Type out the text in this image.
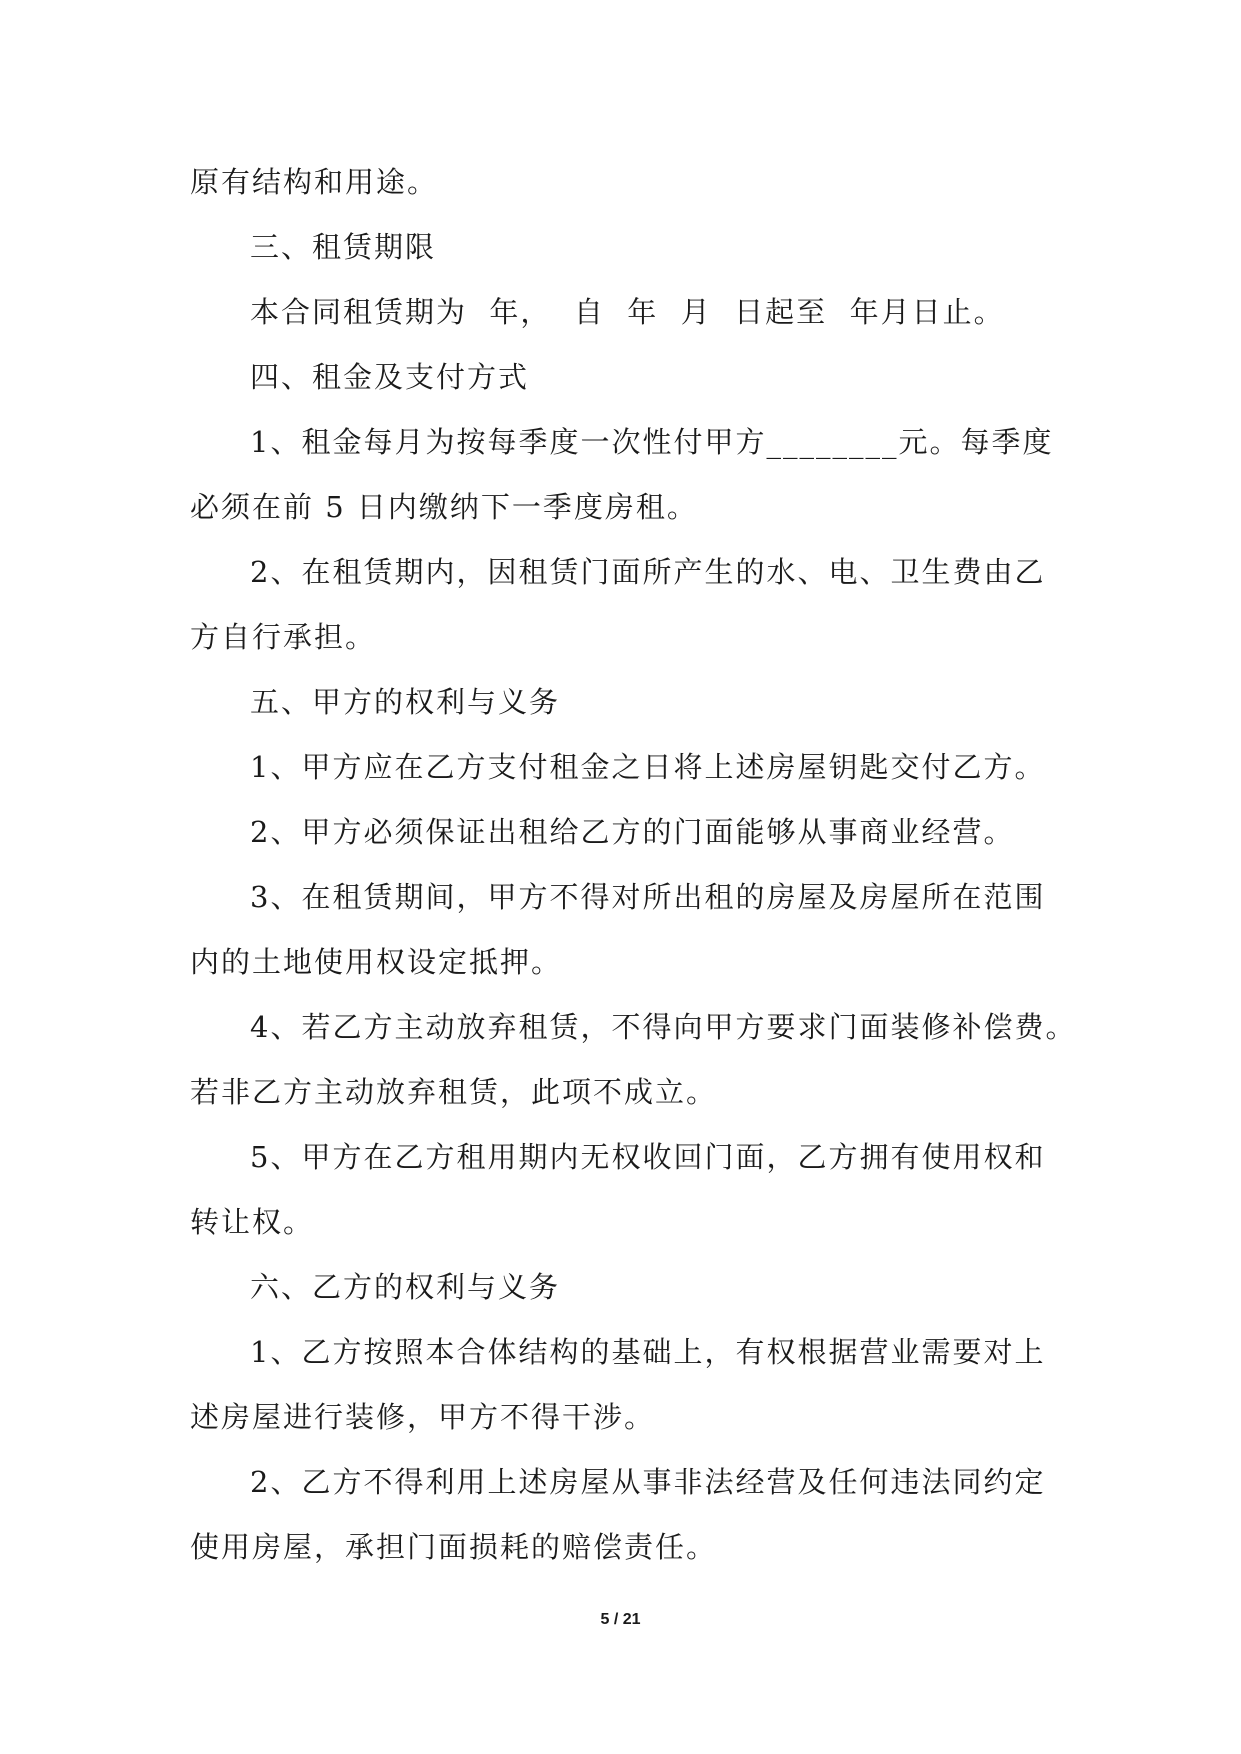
原有结构和用途。
三、租赁期限
本合同租赁期为  年，  自  年  月  日起至  年月日止。
四、租金及支付方式
1、租金每月为按每季度一次性付甲方________元。每季度
必须在前 5 日内缴纳下一季度房租。
2、在租赁期内，因租赁门面所产生的水、电、卫生费由乙
方自行承担。
五、甲方的权利与义务
1、甲方应在乙方支付租金之日将上述房屋钥匙交付乙方。
2、甲方必须保证出租给乙方的门面能够从事商业经营。
3、在租赁期间，甲方不得对所出租的房屋及房屋所在范围
内的土地使用权设定抵押。
4、若乙方主动放弃租赁，不得向甲方要求门面装修补偿费。
若非乙方主动放弃租赁，此项不成立。
5、甲方在乙方租用期内无权收回门面，乙方拥有使用权和
转让权。
六、乙方的权利与义务
1、乙方按照本合体结构的基础上，有权根据营业需要对上
述房屋进行装修，甲方不得干涉。
2、乙方不得利用上述房屋从事非法经营及任何违法同约定
使用房屋，承担门面损耗的赔偿责任。
5 / 21
